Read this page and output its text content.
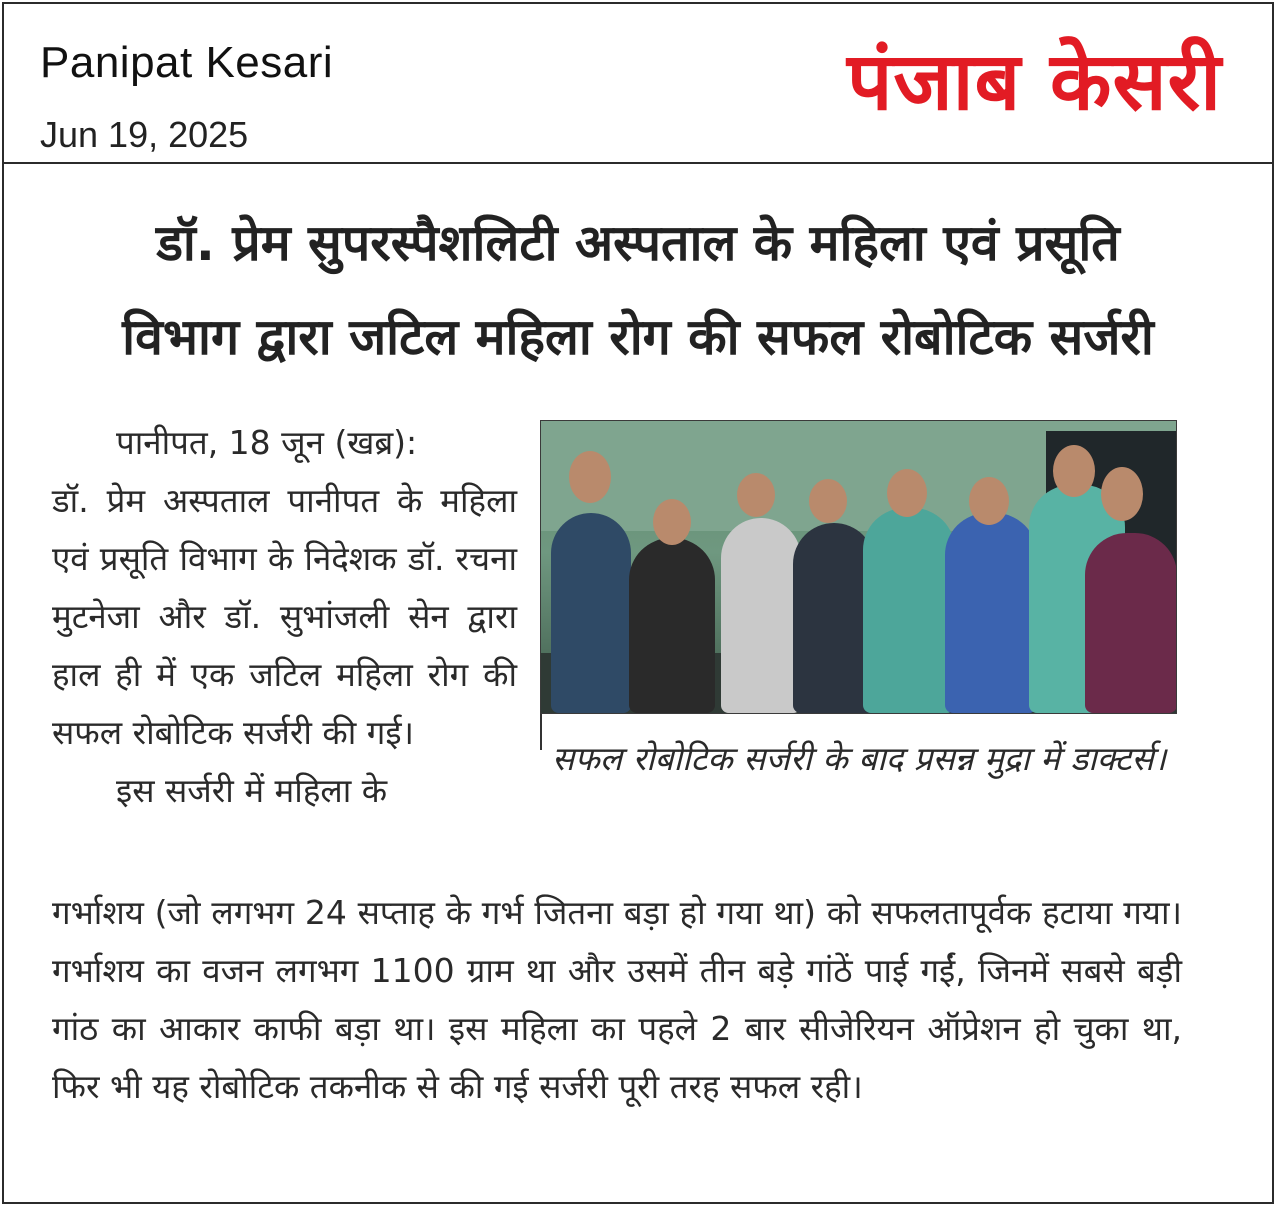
Panipat Kesari
Jun 19, 2025
पंजाब केसरी
डॉ. प्रेम सुपरस्पैशलिटी अस्पताल के महिला एवं प्रसूति
विभाग द्वारा जटिल महिला रोग की सफल रोबोटिक सर्जरी

पानीपत, 18 जून (खब्र):

डॉ. प्रेम अस्पताल पानीपत के महिला एवं प्रसूति विभाग के निदेशक डॉ. रचना मुटनेजा और डॉ. सुभांजली सेन द्वारा हाल ही में एक जटिल महिला रोग की सफल रोबोटिक सर्जरी की गई।

इस सर्जरी में महिला के

सफल रोबोटिक सर्जरी के बाद प्रसन्न मुद्रा में डाक्टर्स।

गर्भाशय (जो लगभग 24 सप्ताह के गर्भ जितना बड़ा हो गया था) को सफलतापूर्वक हटाया गया। गर्भाशय का वजन लगभग 1100 ग्राम था और उसमें तीन बड़े गांठें पाई गईं, जिनमें सबसे बड़ी गांठ का आकार काफी बड़ा था। इस महिला का पहले 2 बार सीजेरियन ऑप्रेशन हो चुका था, फिर भी यह रोबोटिक तकनीक से की गई सर्जरी पूरी तरह सफल रही।
